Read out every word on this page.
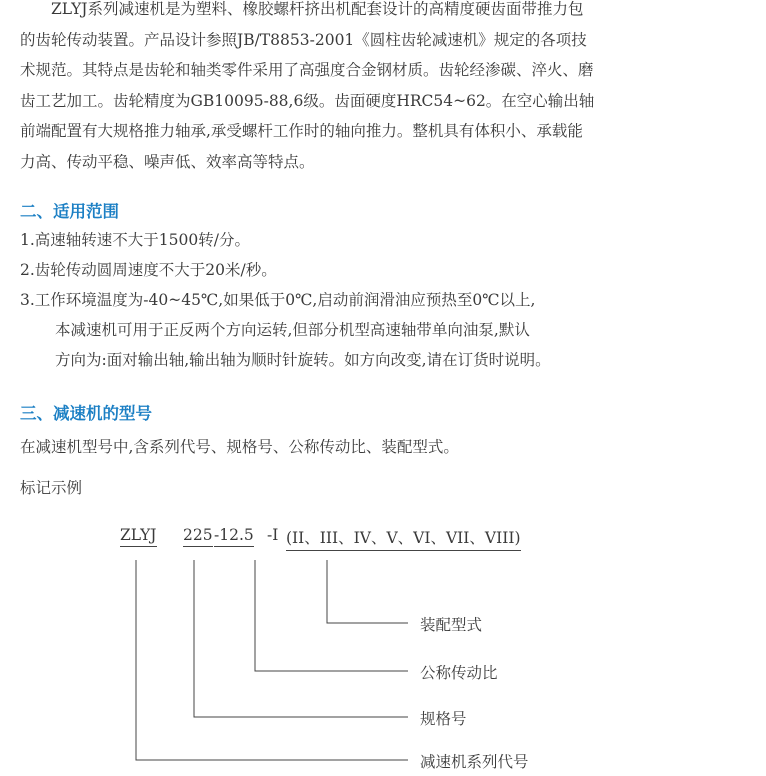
ZLYJ系列减速机是为塑料、橡胶螺杆挤出机配套设计的高精度硬齿面带推力包
的齿轮传动装置。产品设计参照JB/T8853-2001《圆柱齿轮减速机》规定的各项技
术规范。其特点是齿轮和轴类零件采用了高强度合金钢材质。齿轮经渗碳、淬火、磨
齿工艺加工。齿轮精度为GB10095-88,6级。齿面硬度HRC54~62。在空心输出轴
前端配置有大规格推力轴承,承受螺杆工作时的轴向推力。整机具有体积小、承载能
力高、传动平稳、噪声低、效率高等特点。
二、适用范围

1.高速轴转速不大于1500转/分。

2.齿轮传动圆周速度不大于20米/秒。

3.工作环境温度为-40~45℃,如果低于0℃,启动前润滑油应预热至0℃以上,

本减速机可用于正反两个方向运转,但部分机型高速轴带单向油泵,默认

方向为:面对输出轴,输出轴为顺时针旋转。如方向改变,请在订货时说明。

三、减速机的型号

在减速机型号中,含系列代号、规格号、公称传动比、装配型式。

标记示例

ZLYJ 225 -12.5 -I (II、III、IV、V、VI、VII、VIII)
装配型式
公称传动比
规格号
减速机系列代号
